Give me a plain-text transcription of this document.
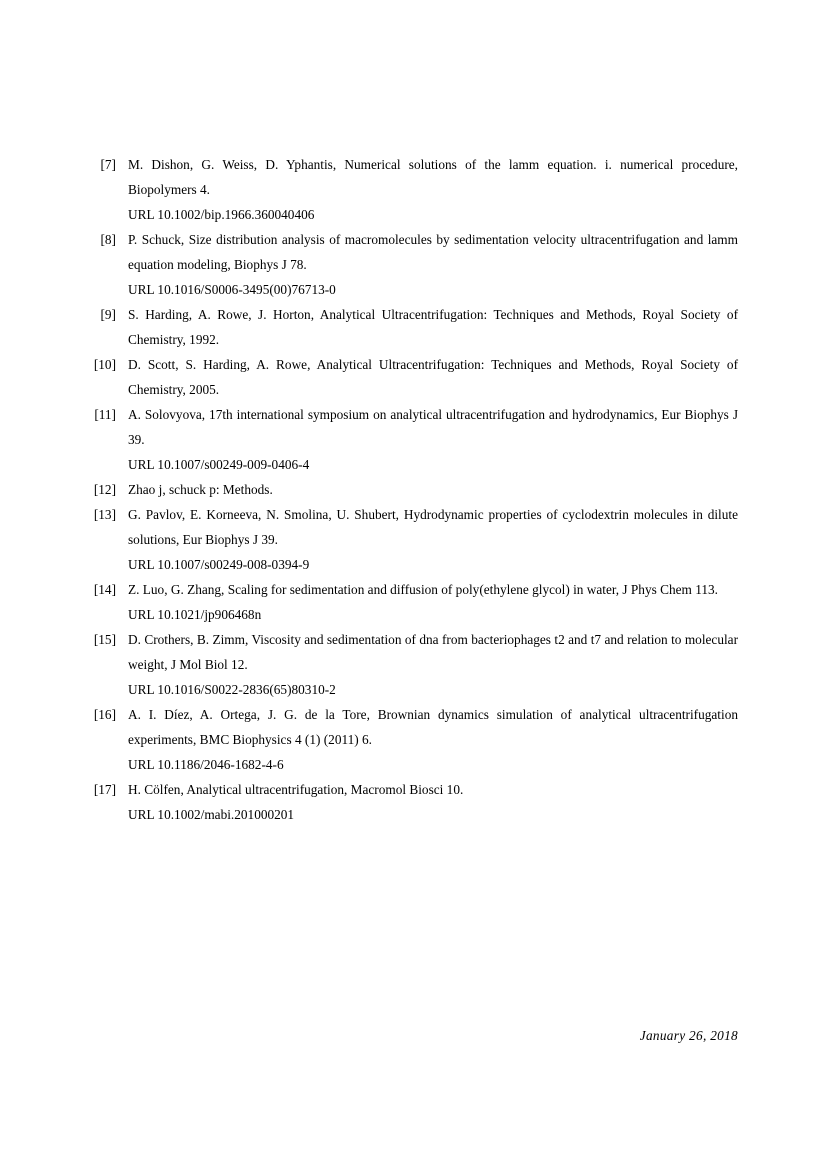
[7] M. Dishon, G. Weiss, D. Yphantis, Numerical solutions of the lamm equation. i. numerical procedure, Biopolymers 4.

URL 10.1002/bip.1966.360040406

[8] P. Schuck, Size distribution analysis of macromolecules by sedimentation velocity ultracentrifugation and lamm equation modeling, Biophys J 78.

URL 10.1016/S0006-3495(00)76713-0

[9] S. Harding, A. Rowe, J. Horton, Analytical Ultracentrifugation: Techniques and Methods, Royal Society of Chemistry, 1992.

[10] D. Scott, S. Harding, A. Rowe, Analytical Ultracentrifugation: Techniques and Methods, Royal Society of Chemistry, 2005.

[11] A. Solovyova, 17th international symposium on analytical ultracentrifugation and hydrodynamics, Eur Biophys J 39.

URL 10.1007/s00249-009-0406-4

[12] Zhao j, schuck p: Methods.

[13] G. Pavlov, E. Korneeva, N. Smolina, U. Shubert, Hydrodynamic properties of cyclodextrin molecules in dilute solutions, Eur Biophys J 39.

URL 10.1007/s00249-008-0394-9

[14] Z. Luo, G. Zhang, Scaling for sedimentation and diffusion of poly(ethylene glycol) in water, J Phys Chem 113.

URL 10.1021/jp906468n

[15] D. Crothers, B. Zimm, Viscosity and sedimentation of dna from bacteriophages t2 and t7 and relation to molecular weight, J Mol Biol 12.

URL 10.1016/S0022-2836(65)80310-2

[16] A. I. Díez, A. Ortega, J. G. de la Tore, Brownian dynamics simulation of analytical ultracentrifugation experiments, BMC Biophysics 4 (1) (2011) 6.

URL 10.1186/2046-1682-4-6

[17] H. Cölfen, Analytical ultracentrifugation, Macromol Biosci 10.

URL 10.1002/mabi.201000201

January 26, 2018
